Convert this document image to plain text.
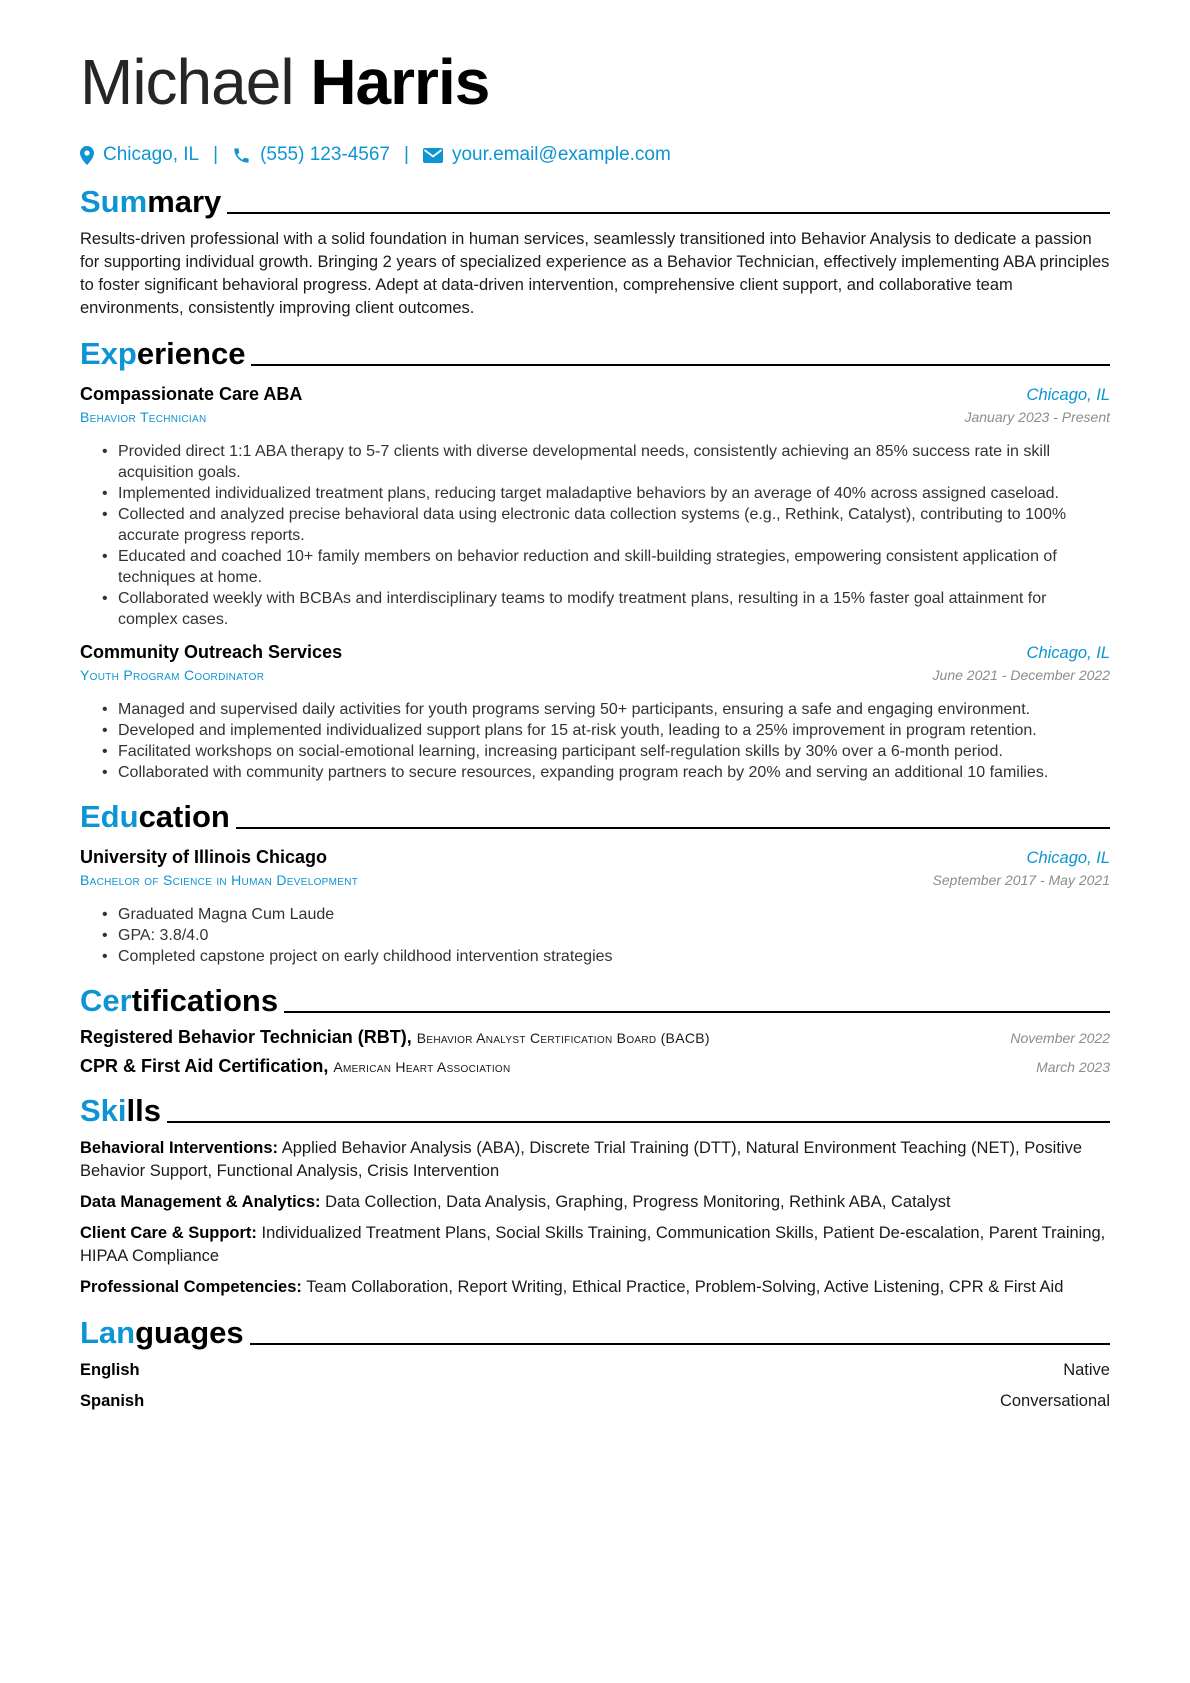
Michael Harris
Chicago, IL | (555) 123-4567 | your.email@example.com
Summary
Results-driven professional with a solid foundation in human services, seamlessly transitioned into Behavior Analysis to dedicate a passion for supporting individual growth. Bringing 2 years of specialized experience as a Behavior Technician, effectively implementing ABA principles to foster significant behavioral progress. Adept at data-driven intervention, comprehensive client support, and collaborative team environments, consistently improving client outcomes.
Experience
Compassionate Care ABA	Chicago, IL
Behavior Technician	January 2023 - Present
• Provided direct 1:1 ABA therapy to 5-7 clients with diverse developmental needs, consistently achieving an 85% success rate in skill acquisition goals.
• Implemented individualized treatment plans, reducing target maladaptive behaviors by an average of 40% across assigned caseload.
• Collected and analyzed precise behavioral data using electronic data collection systems (e.g., Rethink, Catalyst), contributing to 100% accurate progress reports.
• Educated and coached 10+ family members on behavior reduction and skill-building strategies, empowering consistent application of techniques at home.
• Collaborated weekly with BCBAs and interdisciplinary teams to modify treatment plans, resulting in a 15% faster goal attainment for complex cases.
Community Outreach Services	Chicago, IL
Youth Program Coordinator	June 2021 - December 2022
• Managed and supervised daily activities for youth programs serving 50+ participants, ensuring a safe and engaging environment.
• Developed and implemented individualized support plans for 15 at-risk youth, leading to a 25% improvement in program retention.
• Facilitated workshops on social-emotional learning, increasing participant self-regulation skills by 30% over a 6-month period.
• Collaborated with community partners to secure resources, expanding program reach by 20% and serving an additional 10 families.
Education
University of Illinois Chicago	Chicago, IL
Bachelor of Science in Human Development	September 2017 - May 2021
• Graduated Magna Cum Laude
• GPA: 3.8/4.0
• Completed capstone project on early childhood intervention strategies
Certifications
Registered Behavior Technician (RBT), Behavior Analyst Certification Board (BACB)	November 2022
CPR & First Aid Certification, American Heart Association	March 2023
Skills
Behavioral Interventions: Applied Behavior Analysis (ABA), Discrete Trial Training (DTT), Natural Environment Teaching (NET), Positive Behavior Support, Functional Analysis, Crisis Intervention
Data Management & Analytics: Data Collection, Data Analysis, Graphing, Progress Monitoring, Rethink ABA, Catalyst
Client Care & Support: Individualized Treatment Plans, Social Skills Training, Communication Skills, Patient De-escalation, Parent Training, HIPAA Compliance
Professional Competencies: Team Collaboration, Report Writing, Ethical Practice, Problem-Solving, Active Listening, CPR & First Aid
Languages
English	Native
Spanish	Conversational
